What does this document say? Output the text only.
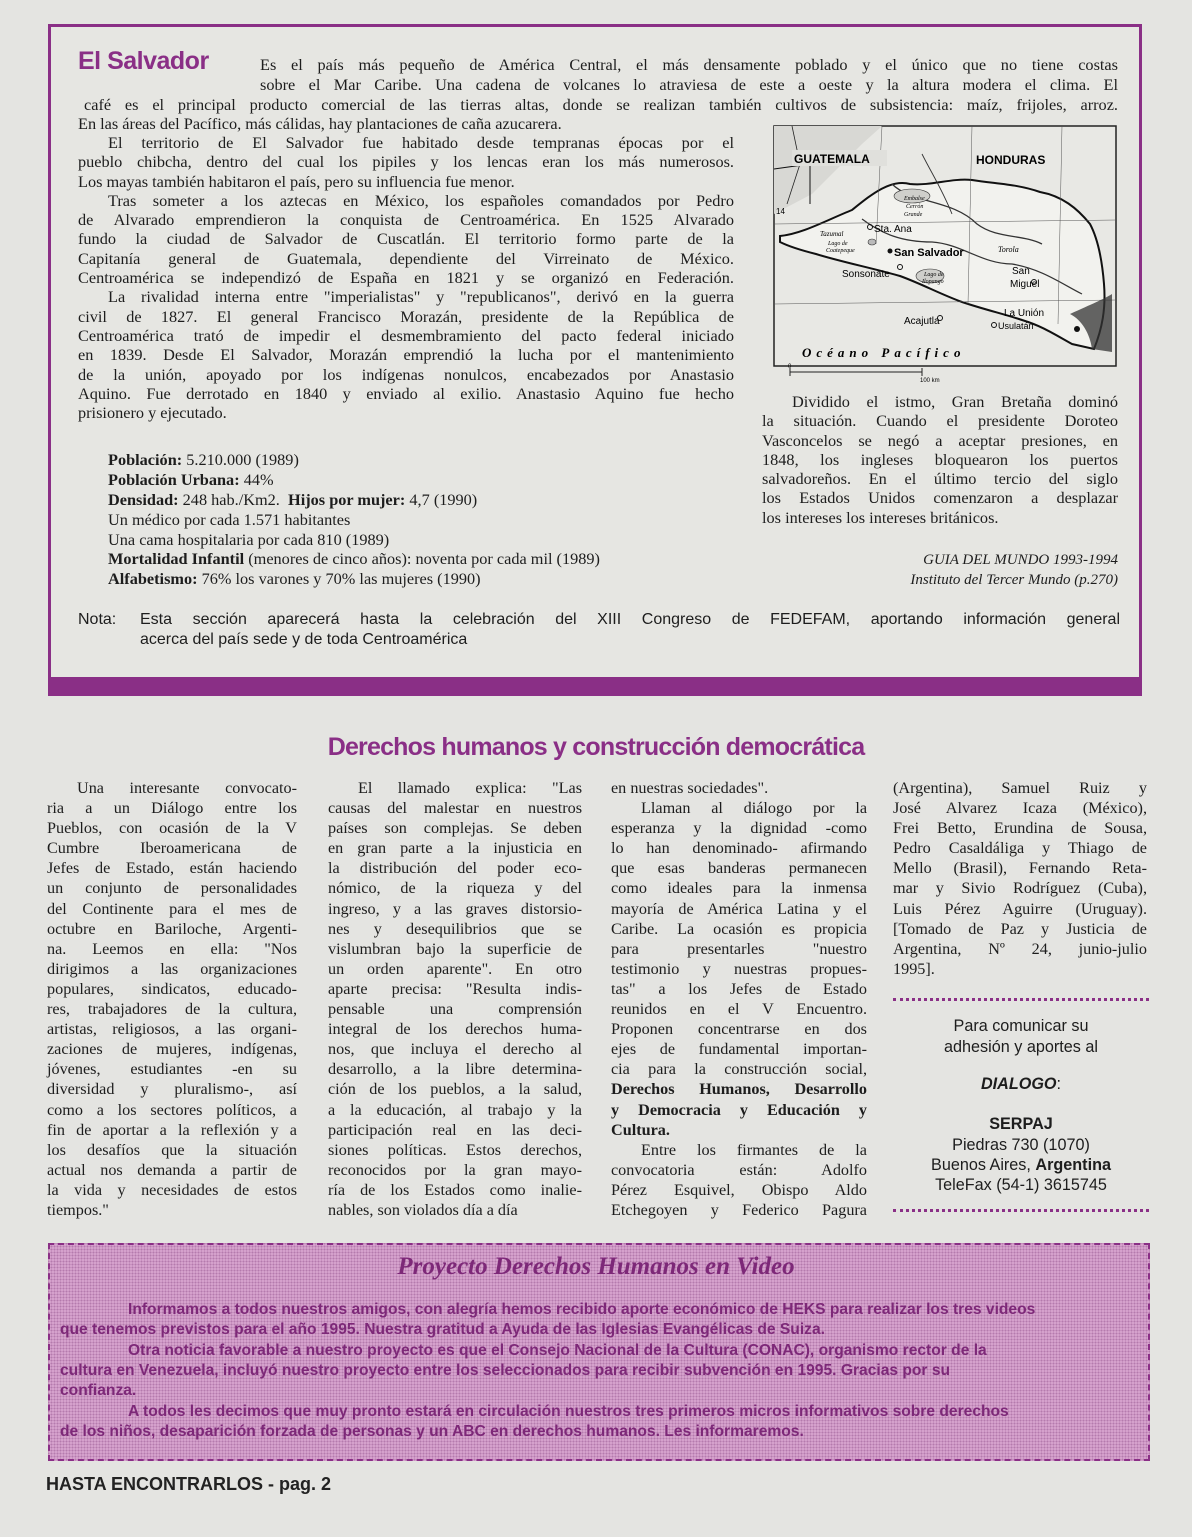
El Salvador	Es el país más pequeño de América Central, el más densamente poblado y el único que no tiene costas
sobre el Mar Caribe. Una cadena de volcanes lo atraviesa de este a oeste y la altura modera el clima. El
café es el principal producto comercial de las tierras altas, donde se realizan también cultivos de subsistencia: maíz, frijoles, arroz.
En las áreas del Pacífico, más cálidas, hay plantaciones de caña azucarera.
El territorio de El Salvador fue habitado desde tempranas épocas por el
pueblo chibcha, dentro del cual los pipiles y los lencas eran los más numerosos.
Los mayas también habitaron el país, pero su influencia fue menor.
Tras someter a los aztecas en México, los españoles comandados por Pedro
de Alvarado emprendieron la conquista de Centroamérica. En 1525 Alvarado
fundo la ciudad de Salvador de Cuscatlán. El territorio formo parte de la
Capitanía general de Guatemala, dependiente del Virreinato de México.
Centroamérica se independizó de España en 1821 y se organizó en Federación.
La rivalidad interna entre "imperialistas" y "republicanos", derivó en la guerra
civil de 1827. El general Francisco Morazán, presidente de la República de
Centroamérica trató de impedir el desmembramiento del pacto federal iniciado
en 1839. Desde El Salvador, Morazán emprendió la lucha por el mantenimiento
de la unión, apoyado por los indígenas nonulcos, encabezados por Anastasio
Aquino. Fue derrotado en 1840 y enviado al exilio. Anastasio Aquino fue hecho
prisionero y ejecutado.
GUATEMALA	HONDURAS
14
Embalse
Cerrón
Grande
Sta. Ana
Tazumal
Lago de
Coatepeque	San Salvador	Torola
Sonsonate	Lago de
Ilopango
San
Miguel
Acajutla
La Unión
Usulatán
Océano Pacífico
0
100 km
Dividido el istmo, Gran Bretaña dominó
la situación. Cuando el presidente Doroteo
Vasconcelos se negó a aceptar presiones, en
1848, los ingleses bloquearon los puertos
salvadoreños. En el último tercio del siglo
los Estados Unidos comenzaron a desplazar
los intereses los intereses británicos.
Población: 5.210.000 (1989)
Población Urbana: 44%
Densidad: 248 hab./Km2. Hijos por mujer: 4,7 (1990)
Un médico por cada 1.571 habitantes
Una cama hospitalaria por cada 810 (1989)
Mortalidad Infantil (menores de cinco años): noventa por cada mil (1989)
Alfabetismo: 76% los varones y 70% las mujeres (1990)
GUIA DEL MUNDO 1993-1994
Instituto del Tercer Mundo (p.270)
Nota: Esta sección aparecerá hasta la celebración del XIII Congreso de FEDEFAM, aportando información general
acerca del país sede y de toda Centroamérica
Derechos humanos y construcción democrática
Una interesante convocato-
ria a un Diálogo entre los
Pueblos, con ocasión de la V
Cumbre Iberoamericana de
Jefes de Estado, están haciendo
un conjunto de personalidades
del Continente para el mes de
octubre en Bariloche, Argenti-
na. Leemos en ella: "Nos
dirigimos a las organizaciones
populares, sindicatos, educado-
res, trabajadores de la cultura,
artistas, religiosos, a las organi-
zaciones de mujeres, indígenas,
jóvenes, estudiantes -en su
diversidad y pluralismo-, así
como a los sectores políticos, a
fin de aportar a la reflexión y a
los desafíos que la situación
actual nos demanda a partir de
la vida y necesidades de estos
tiempos."
El llamado explica: "Las
causas del malestar en nuestros
países son complejas. Se deben
en gran parte a la injusticia en
la distribución del poder eco-
nómico, de la riqueza y del
ingreso, y a las graves distorsio-
nes y desequilibrios que se
vislumbran bajo la superficie de
un orden aparente". En otro
aparte precisa: "Resulta indis-
pensable una comprensión
integral de los derechos huma-
nos, que incluya el derecho al
desarrollo, a la libre determina-
ción de los pueblos, a la salud,
a la educación, al trabajo y la
participación real en las deci-
siones políticas. Estos derechos,
reconocidos por la gran mayo-
ría de los Estados como inalie-
nables, son violados día a día
en nuestras sociedades".
Llaman al diálogo por la
esperanza y la dignidad -como
lo han denominado- afirmando
que esas banderas permanecen
como ideales para la inmensa
mayoría de América Latina y el
Caribe. La ocasión es propicia
para presentarles "nuestro
testimonio y nuestras propues-
tas" a los Jefes de Estado
reunidos en el V Encuentro.
Proponen concentrarse en dos
ejes de fundamental importan-
cia para la construcción social,
Derechos Humanos, Desarrollo
y Democracia y Educación y
Cultura.
Entre los firmantes de la
convocatoria están: Adolfo
Pérez Esquivel, Obispo Aldo
Etchegoyen y Federico Pagura
(Argentina), Samuel Ruiz y
José Alvarez Icaza (México),
Frei Betto, Erundina de Sousa,
Pedro Casaldáliga y Thiago de
Mello (Brasil), Fernando Reta-
mar y Sivio Rodríguez (Cuba),
Luis Pérez Aguirre (Uruguay).
[Tomado de Paz y Justicia de
Argentina, Nº 24, junio-julio
1995].
Para comunicar su
adhesión y aportes al
DIALOGO:
SERPAJ
Piedras 730 (1070)
Buenos Aires, Argentina
TeleFax (54-1) 3615745
Proyecto Derechos Humanos en Video
Informamos a todos nuestros amigos, con alegría hemos recibido aporte económico de HEKS para realizar los tres videos
que tenemos previstos para el año 1995. Nuestra gratitud a Ayuda de las Iglesias Evangélicas de Suiza.
Otra noticia favorable a nuestro proyecto es que el Consejo Nacional de la Cultura (CONAC), organismo rector de la
cultura en Venezuela, incluyó nuestro proyecto entre los seleccionados para recibir subvención en 1995. Gracias por su
confianza.
A todos les decimos que muy pronto estará en circulación nuestros tres primeros micros informativos sobre derechos
de los niños, desaparición forzada de personas y un ABC en derechos humanos. Les informaremos.
HASTA ENCONTRARLOS - pag. 2
